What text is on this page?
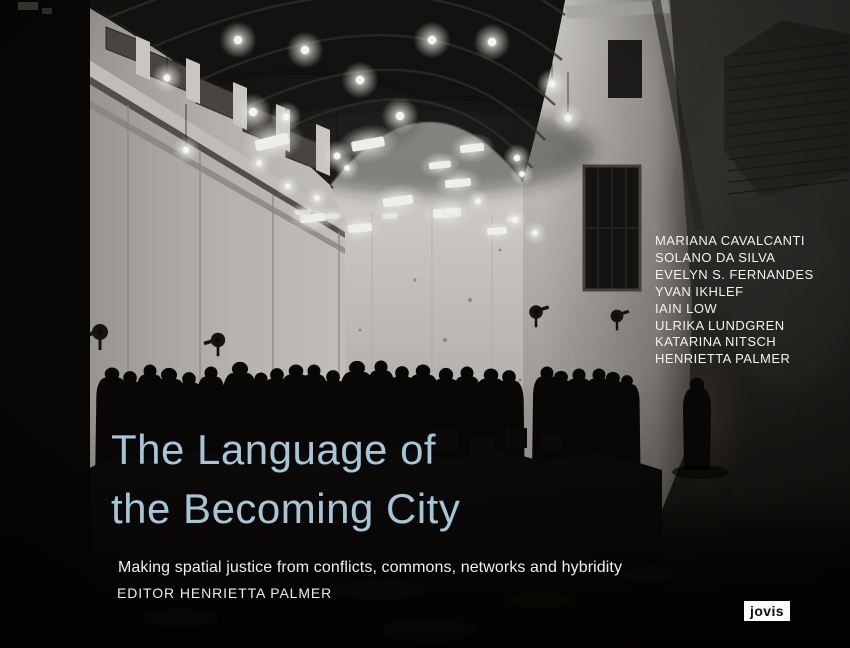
MARIANA CAVALCANTI
SOLANO DA SILVA
EVELYN S. FERNANDES
YVAN IKHLEF
IAIN LOW
ULRIKA LUNDGREN
KATARINA NITSCH
HENRIETTA PALMER
The Language of
the Becoming City
Making spatial justice from conflicts, commons, networks and hybridity
EDITOR HENRIETTA PALMER
jovis
